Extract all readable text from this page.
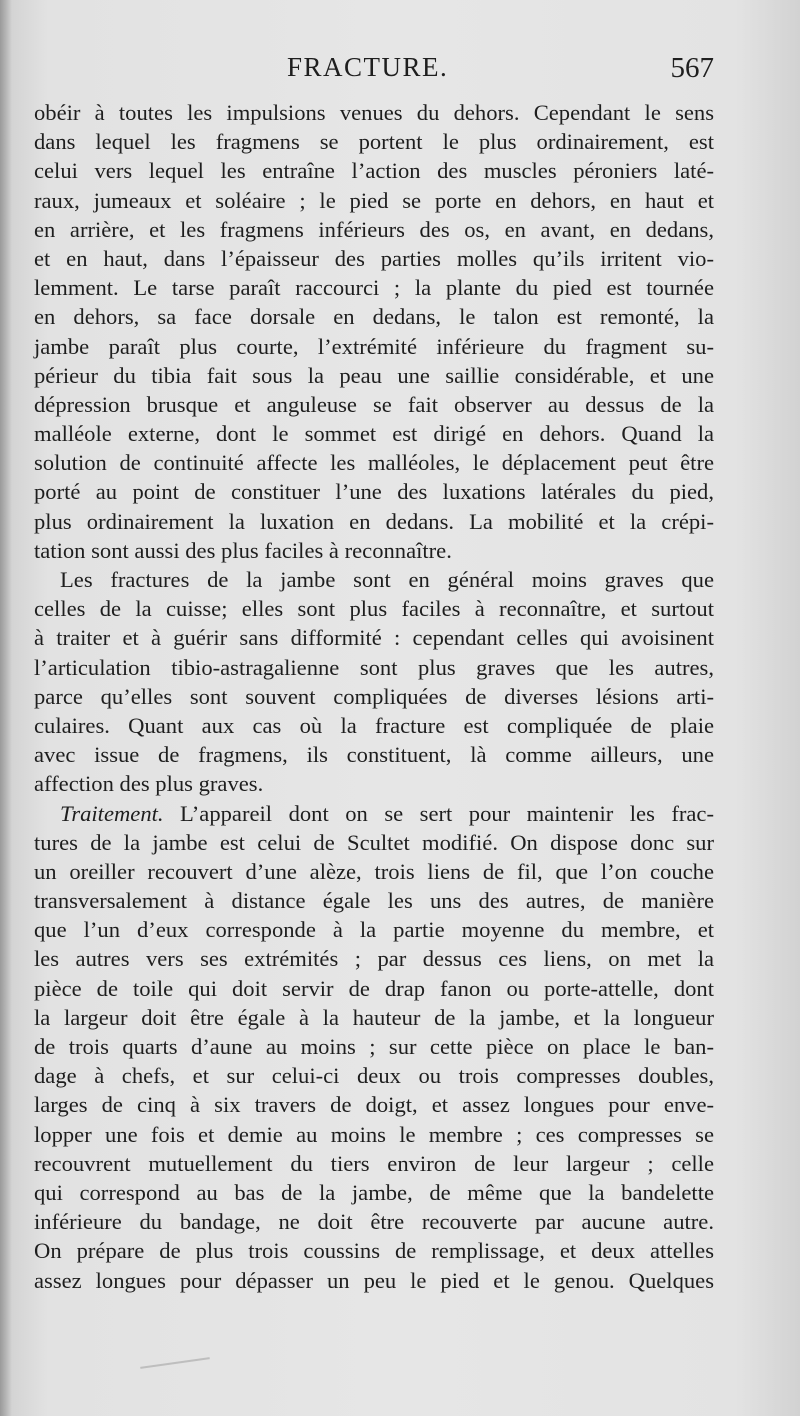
FRACTURE.	567
obéir à toutes les impulsions venues du dehors. Cependant le sens
dans lequel les fragmens se portent le plus ordinairement, est
celui vers lequel les entraîne l’action des muscles péroniers laté-
raux, jumeaux et soléaire ; le pied se porte en dehors, en haut et
en arrière, et les fragmens inférieurs des os, en avant, en dedans,
et en haut, dans l’épaisseur des parties molles qu’ils irritent vio-
lemment. Le tarse paraît raccourci ; la plante du pied est tournée
en dehors, sa face dorsale en dedans, le talon est remonté, la
jambe paraît plus courte, l’extrémité inférieure du fragment su-
périeur du tibia fait sous la peau une saillie considérable, et une
dépression brusque et anguleuse se fait observer au dessus de la
malléole externe, dont le sommet est dirigé en dehors. Quand la
solution de continuité affecte les malléoles, le déplacement peut être
porté au point de constituer l’une des luxations latérales du pied,
plus ordinairement la luxation en dedans. La mobilité et la crépi-
tation sont aussi des plus faciles à reconnaître.
Les fractures de la jambe sont en général moins graves que
celles de la cuisse; elles sont plus faciles à reconnaître, et surtout
à traiter et à guérir sans difformité : cependant celles qui avoisinent
l’articulation tibio-astragalienne sont plus graves que les autres,
parce qu’elles sont souvent compliquées de diverses lésions arti-
culaires. Quant aux cas où la fracture est compliquée de plaie
avec issue de fragmens, ils constituent, là comme ailleurs, une
affection des plus graves.
Traitement. L’appareil dont on se sert pour maintenir les frac-
tures de la jambe est celui de Scultet modifié. On dispose donc sur
un oreiller recouvert d’une alèze, trois liens de fil, que l’on couche
transversalement à distance égale les uns des autres, de manière
que l’un d’eux corresponde à la partie moyenne du membre, et
les autres vers ses extrémités ; par dessus ces liens, on met la
pièce de toile qui doit servir de drap fanon ou porte-attelle, dont
la largeur doit être égale à la hauteur de la jambe, et la longueur
de trois quarts d’aune au moins ; sur cette pièce on place le ban-
dage à chefs, et sur celui-ci deux ou trois compresses doubles,
larges de cinq à six travers de doigt, et assez longues pour enve-
lopper une fois et demie au moins le membre ; ces compresses se
recouvrent mutuellement du tiers environ de leur largeur ; celle
qui correspond au bas de la jambe, de même que la bandelette
inférieure du bandage, ne doit être recouverte par aucune autre.
On prépare de plus trois coussins de remplissage, et deux attelles
assez longues pour dépasser un peu le pied et le genou. Quelques
